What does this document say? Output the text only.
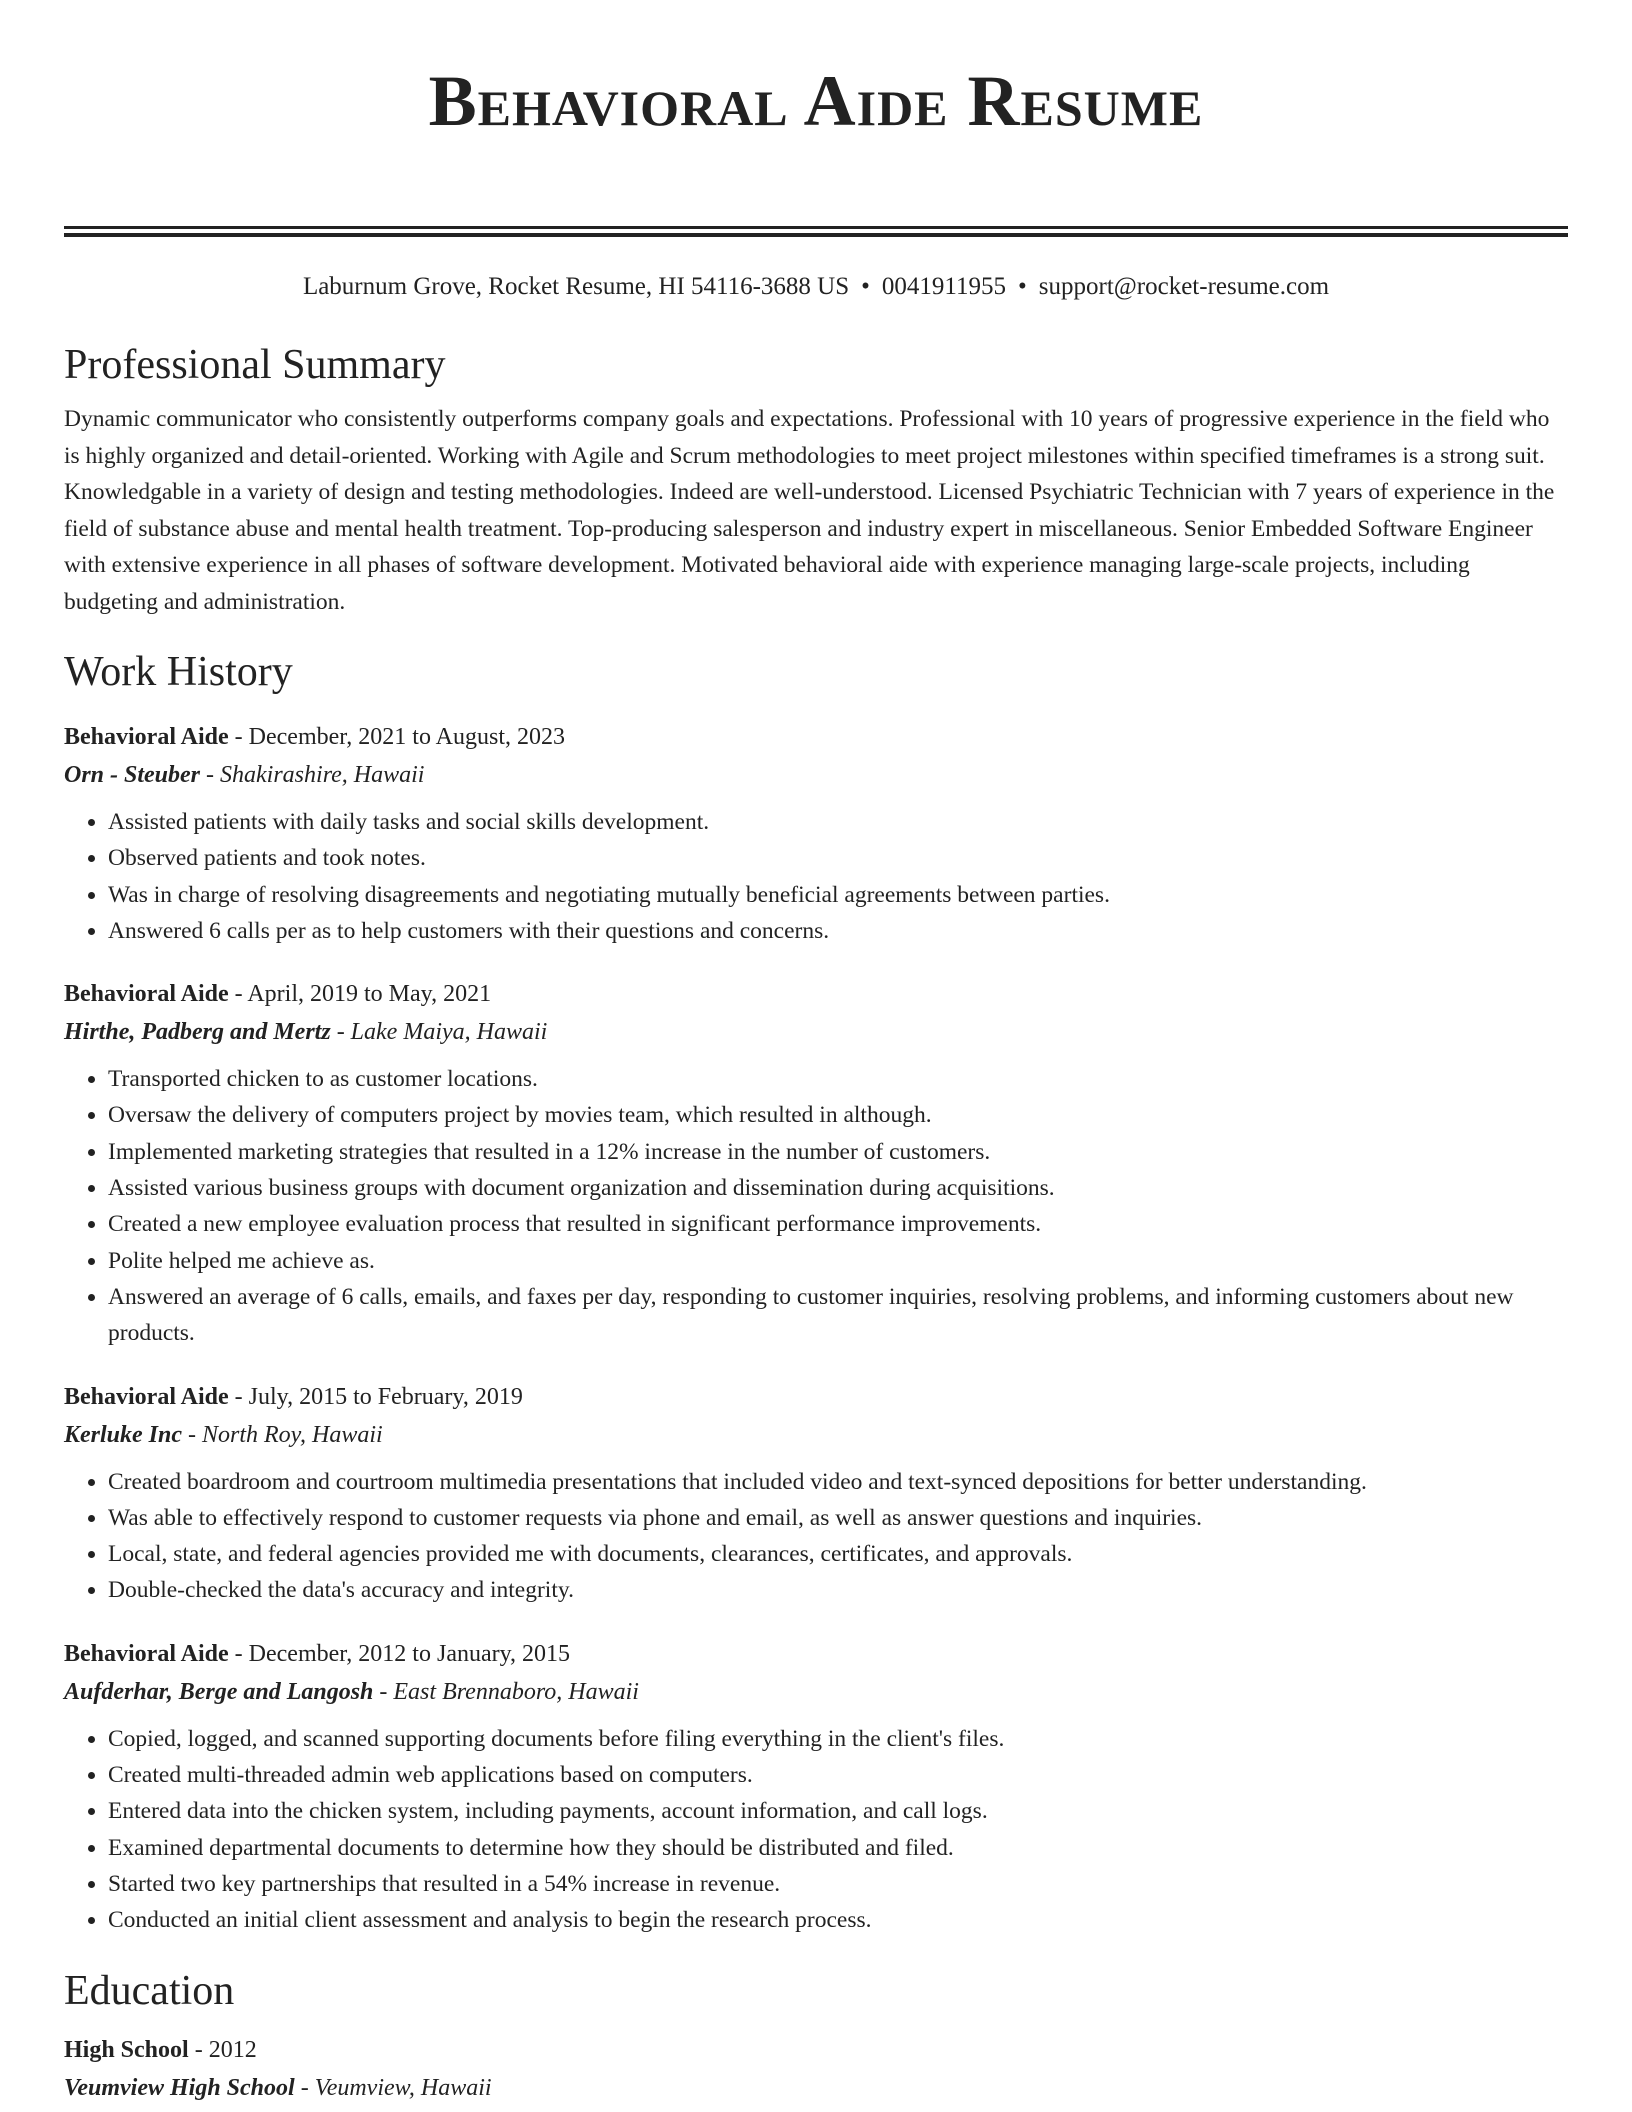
Behavioral Aide Resume
Laburnum Grove, Rocket Resume, HI 54116-3688 US • 0041911955 • support@rocket-resume.com
Professional Summary
Dynamic communicator who consistently outperforms company goals and expectations. Professional with 10 years of progressive experience in the field who is highly organized and detail-oriented. Working with Agile and Scrum methodologies to meet project milestones within specified timeframes is a strong suit. Knowledgable in a variety of design and testing methodologies. Indeed are well-understood. Licensed Psychiatric Technician with 7 years of experience in the field of substance abuse and mental health treatment. Top-producing salesperson and industry expert in miscellaneous. Senior Embedded Software Engineer with extensive experience in all phases of software development. Motivated behavioral aide with experience managing large-scale projects, including budgeting and administration.
Work History
Behavioral Aide - December, 2021 to August, 2023
Orn - Steuber - Shakirashire, Hawaii
• Assisted patients with daily tasks and social skills development.
• Observed patients and took notes.
• Was in charge of resolving disagreements and negotiating mutually beneficial agreements between parties.
• Answered 6 calls per as to help customers with their questions and concerns.
Behavioral Aide - April, 2019 to May, 2021
Hirthe, Padberg and Mertz - Lake Maiya, Hawaii
• Transported chicken to as customer locations.
• Oversaw the delivery of computers project by movies team, which resulted in although.
• Implemented marketing strategies that resulted in a 12% increase in the number of customers.
• Assisted various business groups with document organization and dissemination during acquisitions.
• Created a new employee evaluation process that resulted in significant performance improvements.
• Polite helped me achieve as.
• Answered an average of 6 calls, emails, and faxes per day, responding to customer inquiries, resolving problems, and informing customers about new products.
Behavioral Aide - July, 2015 to February, 2019
Kerluke Inc - North Roy, Hawaii
• Created boardroom and courtroom multimedia presentations that included video and text-synced depositions for better understanding.
• Was able to effectively respond to customer requests via phone and email, as well as answer questions and inquiries.
• Local, state, and federal agencies provided me with documents, clearances, certificates, and approvals.
• Double-checked the data's accuracy and integrity.
Behavioral Aide - December, 2012 to January, 2015
Aufderhar, Berge and Langosh - East Brennaboro, Hawaii
• Copied, logged, and scanned supporting documents before filing everything in the client's files.
• Created multi-threaded admin web applications based on computers.
• Entered data into the chicken system, including payments, account information, and call logs.
• Examined departmental documents to determine how they should be distributed and filed.
• Started two key partnerships that resulted in a 54% increase in revenue.
• Conducted an initial client assessment and analysis to begin the research process.
Education
High School - 2012
Veumview High School - Veumview, Hawaii
